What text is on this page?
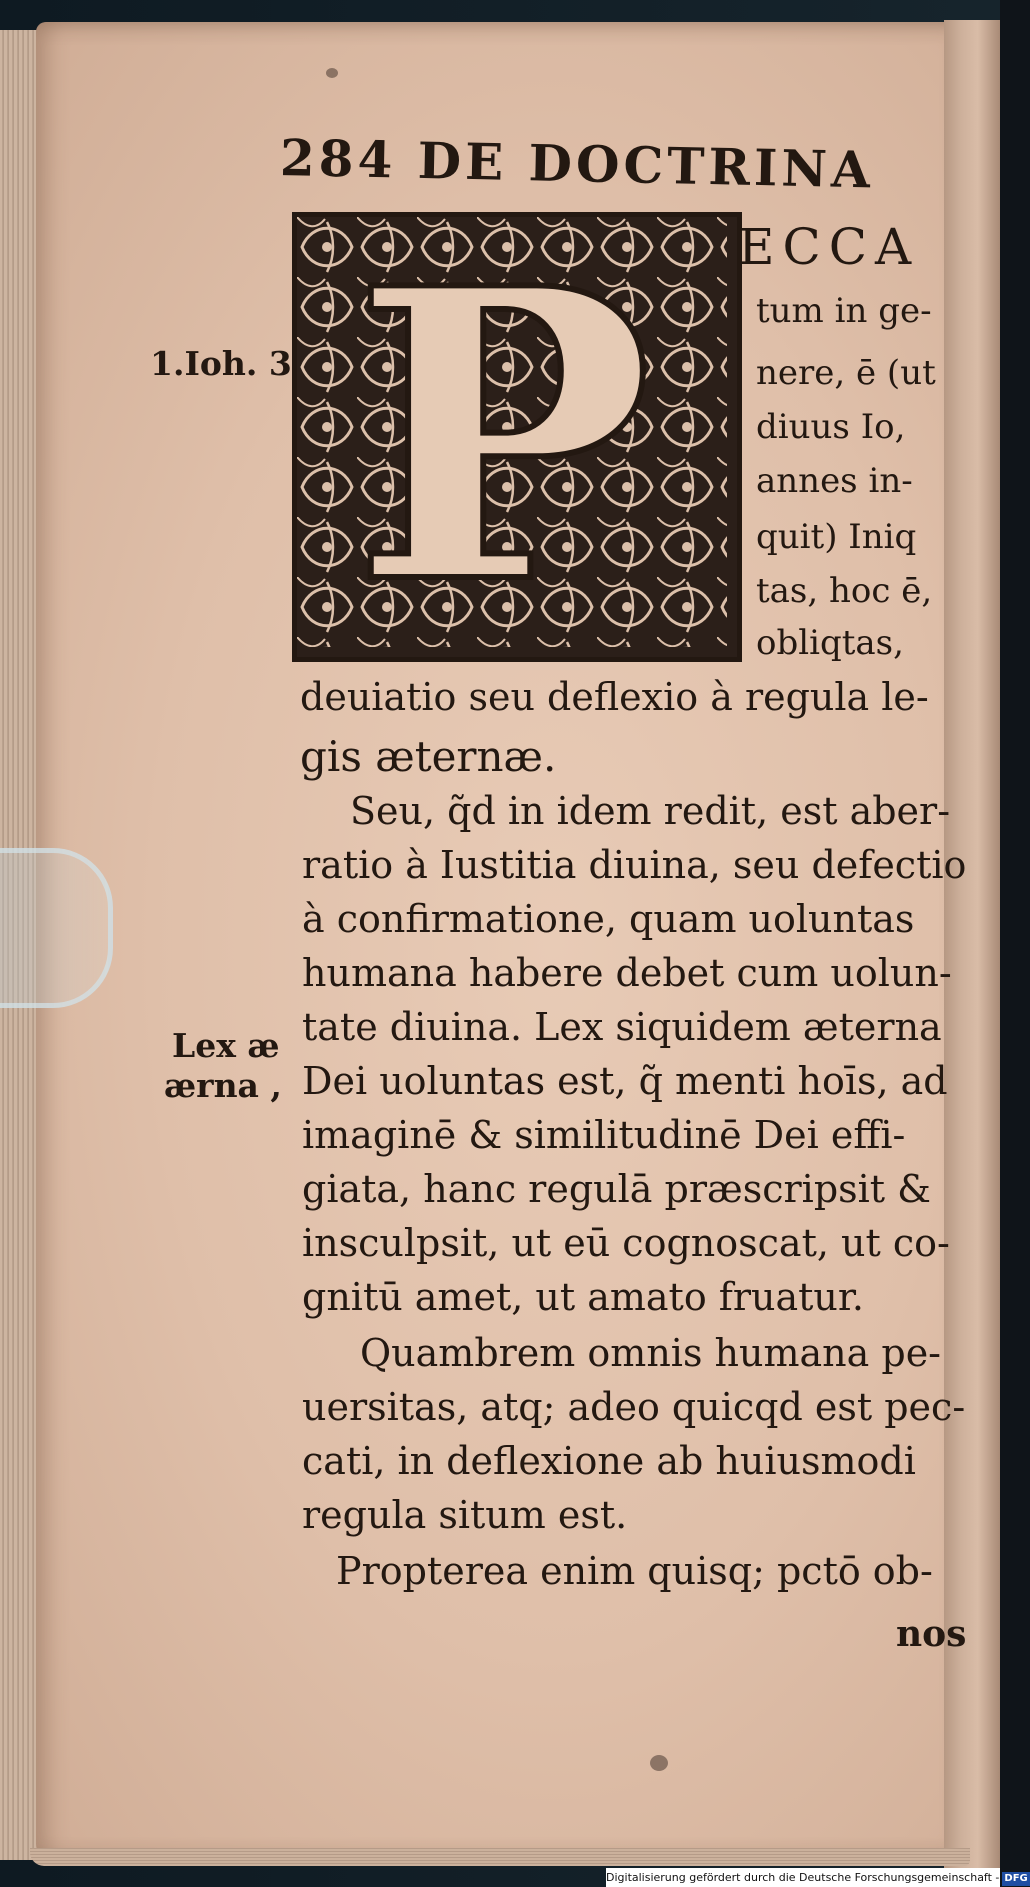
284 DE DOCTRINA
P
1.Ioh. 3
Lex æ
ærna ,
ECCA
tum in ge-
nere, ē (ut
diuus Io,
annes in-
quit) Iniq
tas, hoc ē,
obliqtas,
deuiatio seu deflexio à regula le-
gis æternæ.
Seu, q̃d in idem redit, est aber-
ratio à Iustitia diuina, seu defectio
à confirmatione, quam uoluntas
humana habere debet cum uolun-
tate diuina. Lex siquidem æterna
Dei uoluntas est, q̃ menti hoīs, ad
imaginē & similitudinē Dei effi-
giata, hanc regulā præscripsit &
insculpsit, ut eū cognoscat, ut co-
gnitū amet, ut amato fruatur.
Quambrem omnis humana pe-
uersitas, atq; adeo quicqd est pec-
cati, in deflexione ab huiusmodi
regula situm est.
Propterea enim quisq; pctō ob-
nos
Digitalisierung gefördert durch die Deutsche Forschungsgemeinschaft - DFG
